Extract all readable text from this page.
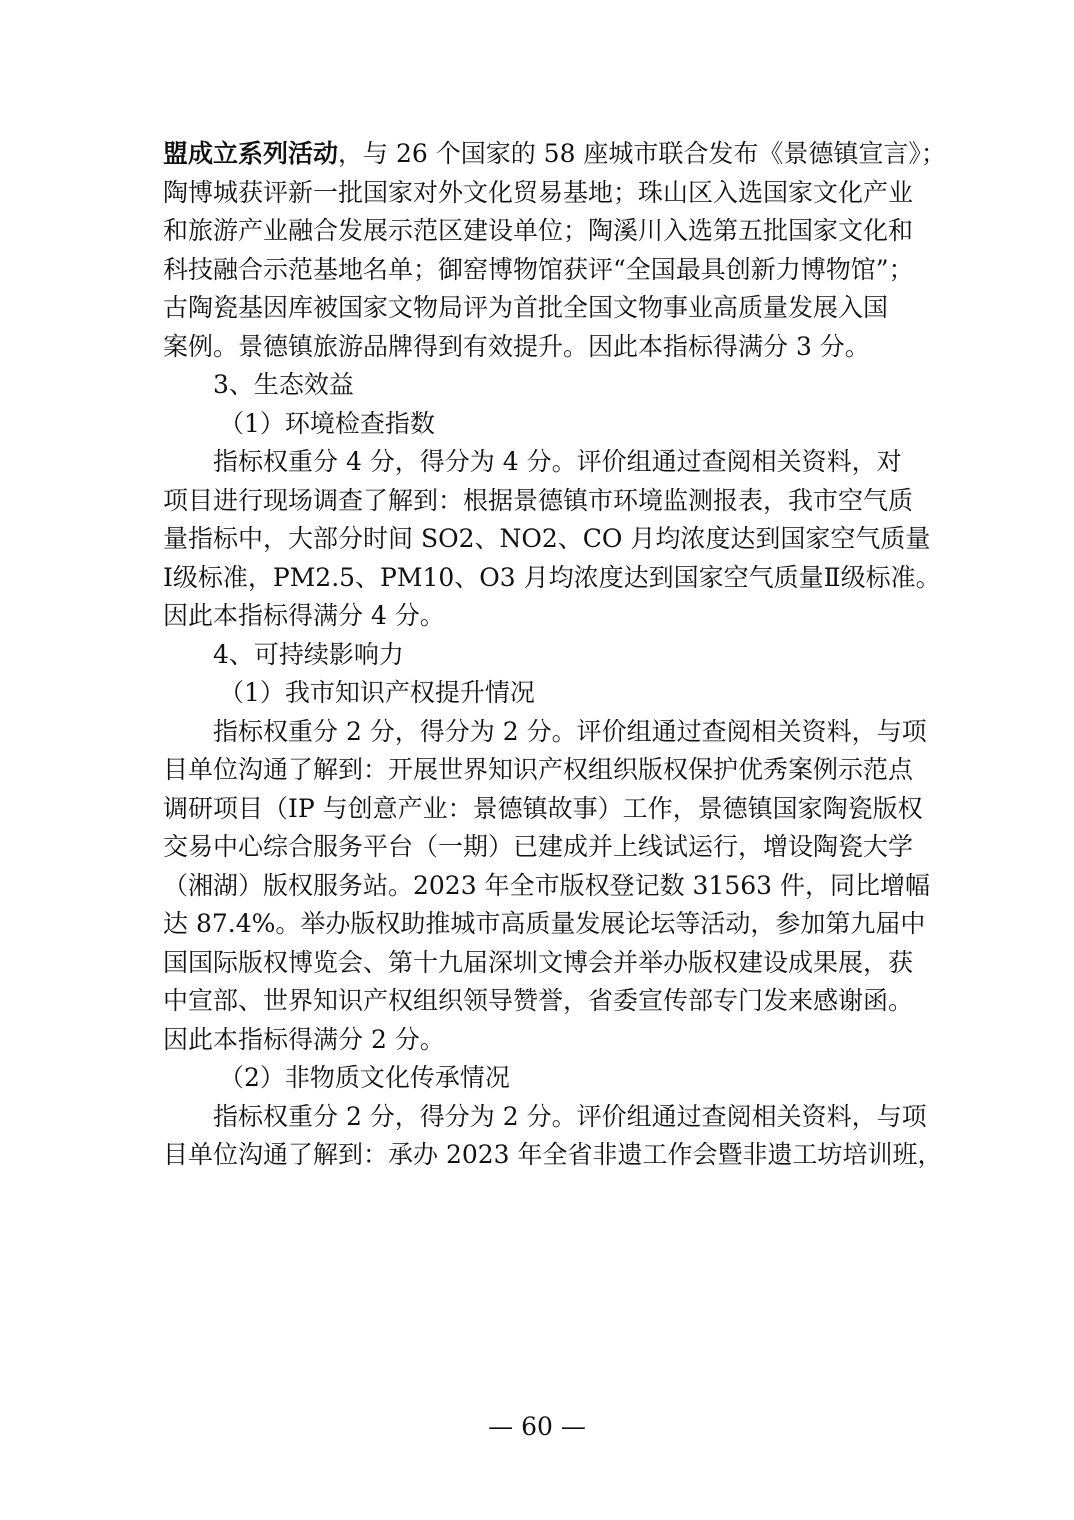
盟成立系列活动，与 26 个国家的 58 座城市联合发布《景德镇宣言》；
陶博城获评新一批国家对外文化贸易基地；珠山区入选国家文化产业
和旅游产业融合发展示范区建设单位；陶溪川入选第五批国家文化和
科技融合示范基地名单；御窑博物馆获评“全国最具创新力博物馆”；
古陶瓷基因库被国家文物局评为首批全国文物事业高质量发展入国
案例。景德镇旅游品牌得到有效提升。因此本指标得满分 3 分。
3、生态效益
（1）环境检查指数
指标权重分 4 分，得分为 4 分。评价组通过查阅相关资料，对
项目进行现场调查了解到：根据景德镇市环境监测报表，我市空气质
量指标中，大部分时间 SO2、NO2、CO 月均浓度达到国家空气质量
Ⅰ级标准，PM2.5、PM10、O3 月均浓度达到国家空气质量Ⅱ级标准。
因此本指标得满分 4 分。
4、可持续影响力
（1）我市知识产权提升情况
指标权重分 2 分，得分为 2 分。评价组通过查阅相关资料，与项
目单位沟通了解到：开展世界知识产权组织版权保护优秀案例示范点
调研项目（IP 与创意产业：景德镇故事）工作，景德镇国家陶瓷版权
交易中心综合服务平台（一期）已建成并上线试运行，增设陶瓷大学
（湘湖）版权服务站。2023 年全市版权登记数 31563 件，同比增幅
达 87.4%。举办版权助推城市高质量发展论坛等活动，参加第九届中
国国际版权博览会、第十九届深圳文博会并举办版权建设成果展，获
中宣部、世界知识产权组织领导赞誉，省委宣传部专门发来感谢函。
因此本指标得满分 2 分。
（2）非物质文化传承情况
指标权重分 2 分，得分为 2 分。评价组通过查阅相关资料，与项
目单位沟通了解到：承办 2023 年全省非遗工作会暨非遗工坊培训班，
— 60 —
